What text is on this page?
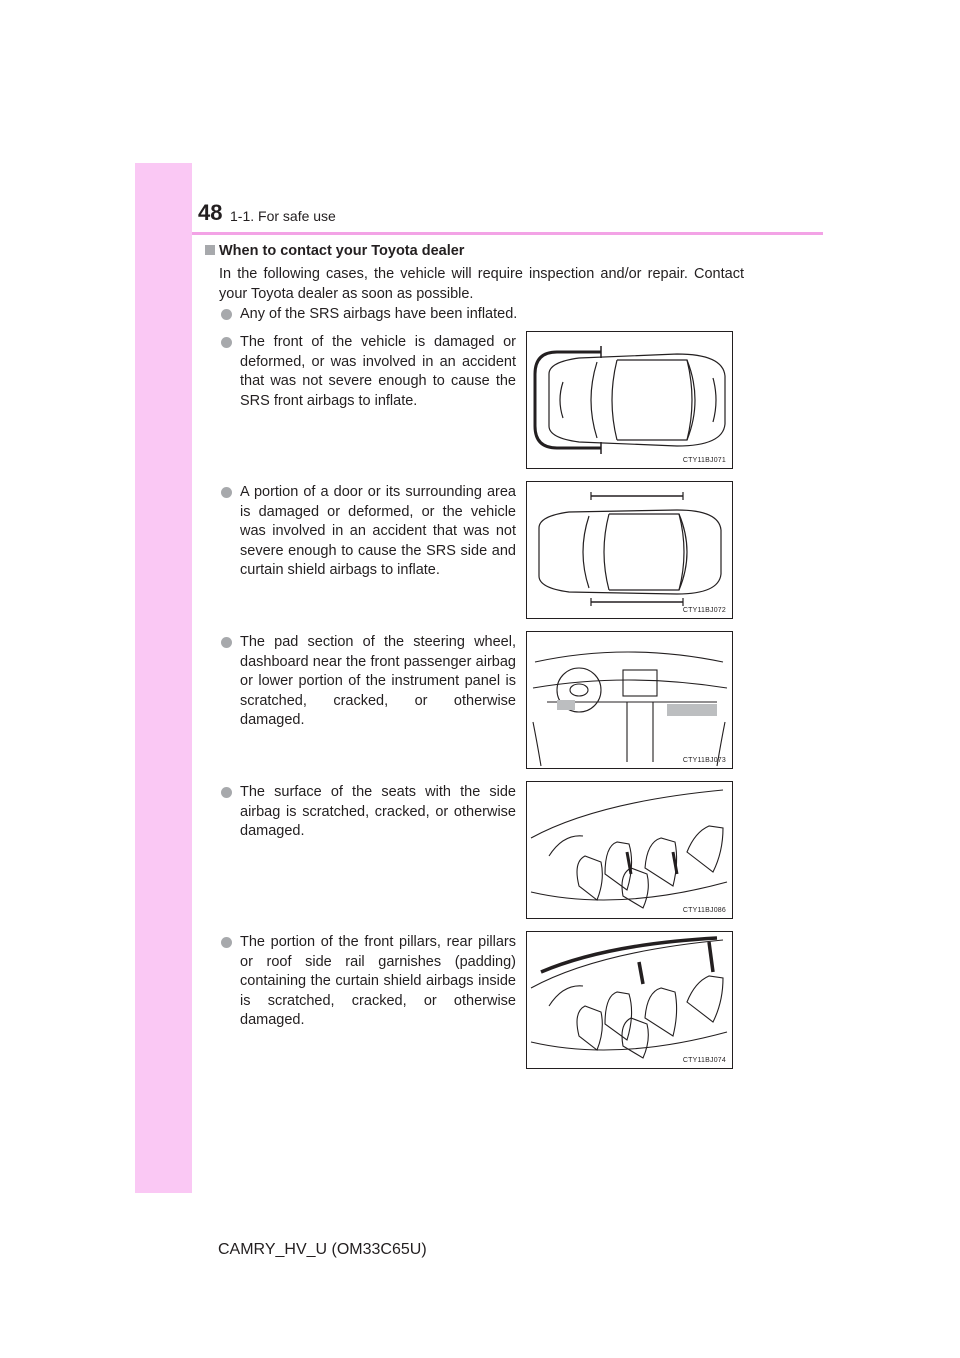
48 1-1. For safe use
When to contact your Toyota dealer
In the following cases, the vehicle will require inspection and/or repair. Contact your Toyota dealer as soon as possible.
Any of the SRS airbags have been inflated.
The front of the vehicle is damaged or deformed, or was involved in an accident that was not severe enough to cause the SRS front airbags to inflate.
CTY11BJ071
A portion of a door or its surrounding area is damaged or deformed, or the vehicle was involved in an accident that was not severe enough to cause the SRS side and curtain shield airbags to inflate.
CTY11BJ072
The pad section of the steering wheel, dashboard near the front passenger airbag or lower portion of the instrument panel is scratched, cracked, or otherwise damaged.
CTY11BJ073
The surface of the seats with the side airbag is scratched, cracked, or otherwise damaged.
CTY11BJ086
The portion of the front pillars, rear pillars or roof side rail garnishes (padding) containing the curtain shield airbags inside is scratched, cracked, or otherwise damaged.
CTY11BJ074
CAMRY_HV_U (OM33C65U)
